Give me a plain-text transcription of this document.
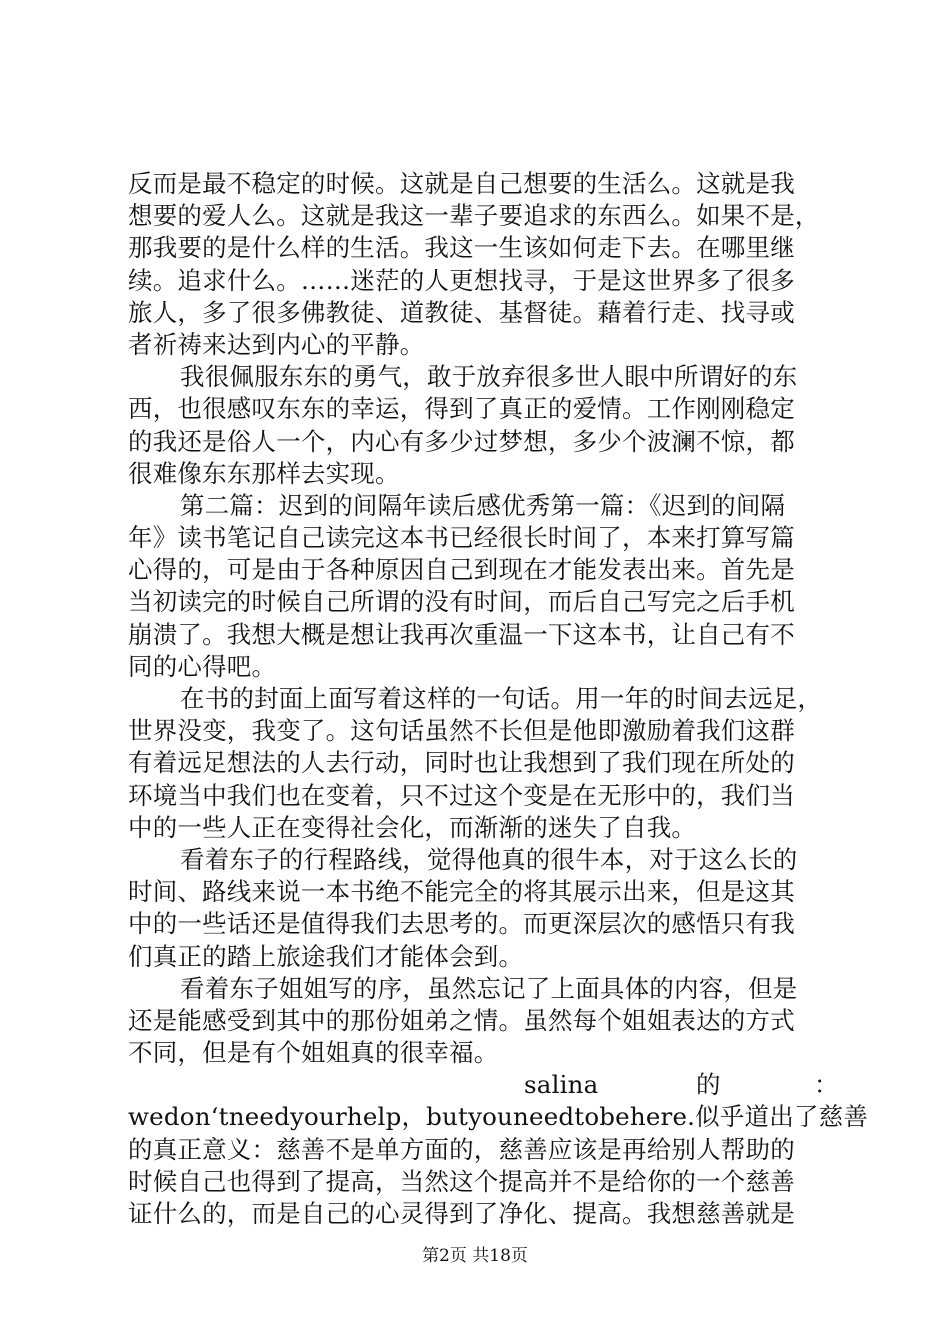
反而是最不稳定的时候。这就是自己想要的生活么。这就是我
想要的爱人么。这就是我这一辈子要追求的东西么。如果不是，
那我要的是什么样的生活。我这一生该如何走下去。在哪里继
续。追求什么。……迷茫的人更想找寻，于是这世界多了很多
旅人，多了很多佛教徒、道教徒、基督徒。藉着行走、找寻或
者祈祷来达到内心的平静。
我很佩服东东的勇气，敢于放弃很多世人眼中所谓好的东
西，也很感叹东东的幸运，得到了真正的爱情。工作刚刚稳定
的我还是俗人一个，内心有多少过梦想，多少个波澜不惊，都
很难像东东那样去实现。
第二篇：迟到的间隔年读后感优秀第一篇：《迟到的间隔
年》读书笔记自己读完这本书已经很长时间了，本来打算写篇
心得的，可是由于各种原因自己到现在才能发表出来。首先是
当初读完的时候自己所谓的没有时间，而后自己写完之后手机
崩溃了。我想大概是想让我再次重温一下这本书，让自己有不
同的心得吧。
在书的封面上面写着这样的一句话。用一年的时间去远足，
世界没变，我变了。这句话虽然不长但是他即激励着我们这群
有着远足想法的人去行动，同时也让我想到了我们现在所处的
环境当中我们也在变着，只不过这个变是在无形中的，我们当
中的一些人正在变得社会化，而渐渐的迷失了自我。
看着东子的行程路线，觉得他真的很牛本，对于这么长的
时间、路线来说一本书绝不能完全的将其展示出来，但是这其
中的一些话还是值得我们去思考的。而更深层次的感悟只有我
们真正的踏上旅途我们才能体会到。
看着东子姐姐写的序，虽然忘记了上面具体的内容，但是
还是能感受到其中的那份姐弟之情。虽然每个姐姐表达的方式
不同，但是有个姐姐真的很幸福。
salina	的	：
wedon‘tneedyourhelp，butyouneedtobehere.似乎道出了慈善
的真正意义：慈善不是单方面的，慈善应该是再给别人帮助的
时候自己也得到了提高，当然这个提高并不是给你的一个慈善
证什么的，而是自己的心灵得到了净化、提高。我想慈善就是
第2页 共18页
